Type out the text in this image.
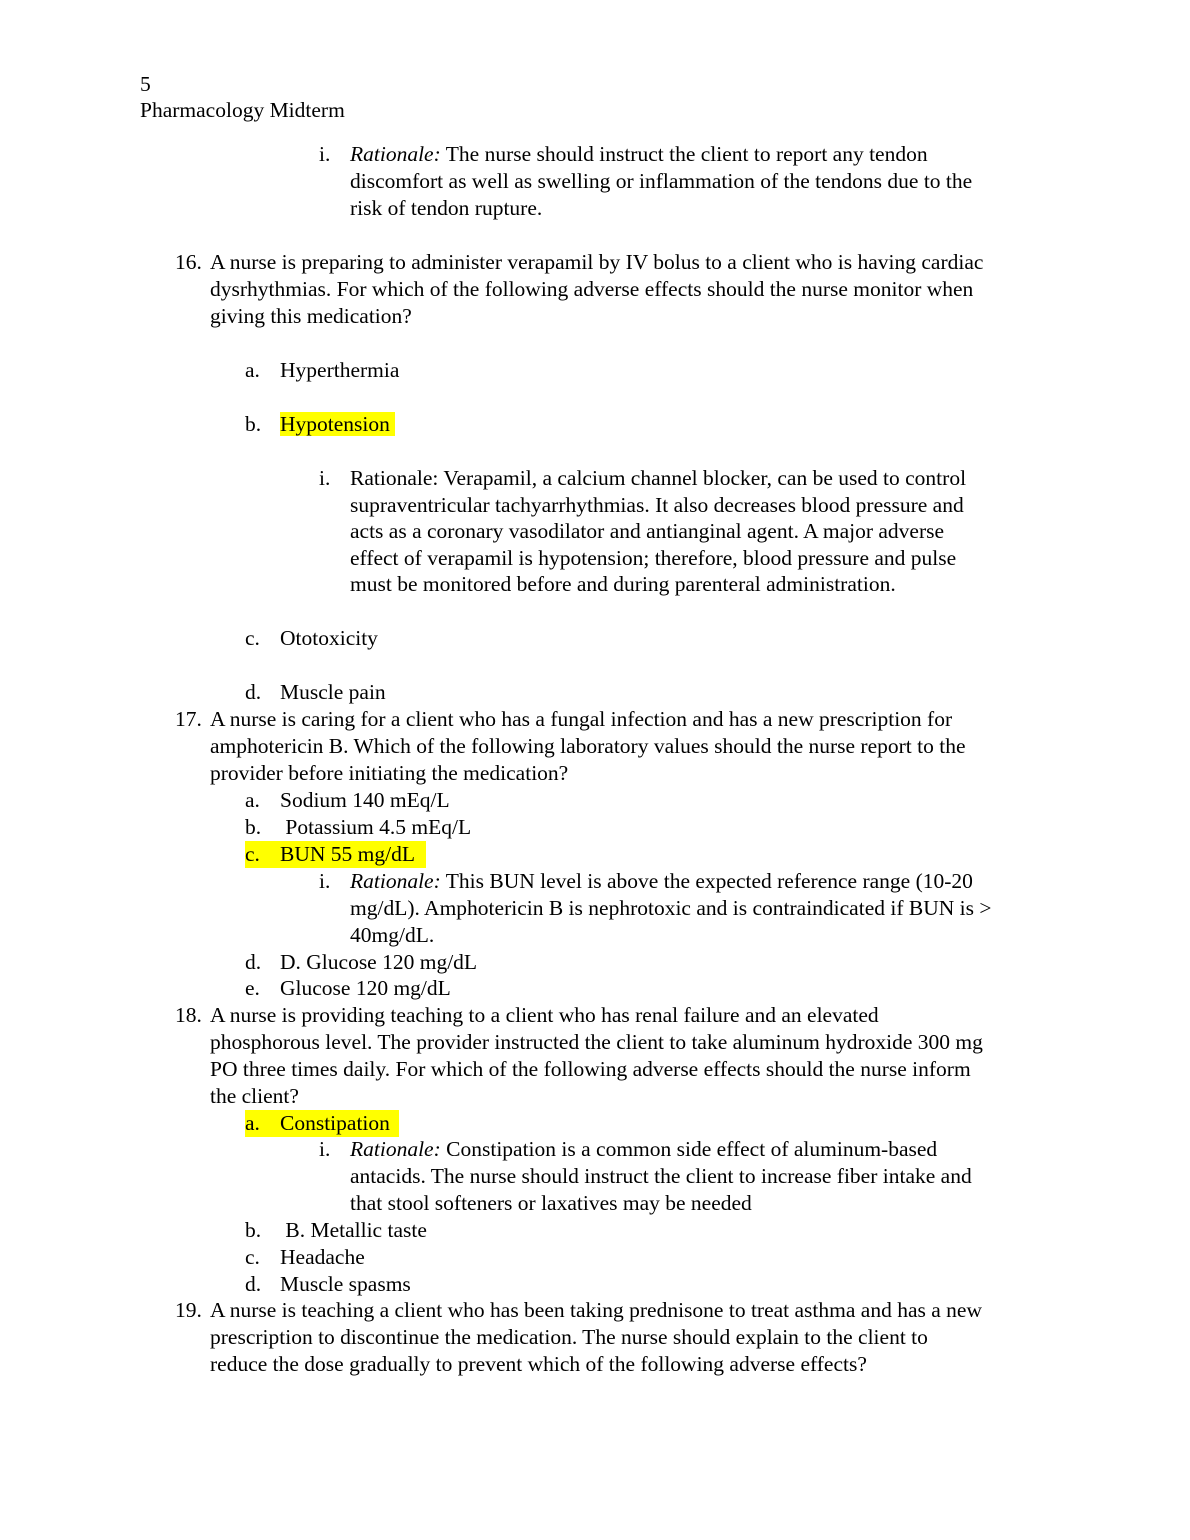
5
Pharmacology Midterm
i. Rationale: The nurse should instruct the client to report any tendon
discomfort as well as swelling or inflammation of the tendons due to the
risk of tendon rupture.
16. A nurse is preparing to administer verapamil by IV bolus to a client who is having cardiac
dysrhythmias. For which of the following adverse effects should the nurse monitor when
giving this medication?
a. Hyperthermia
b. Hypotension
i. Rationale: Verapamil, a calcium channel blocker, can be used to control
supraventricular tachyarrhythmias. It also decreases blood pressure and
acts as a coronary vasodilator and antianginal agent. A major adverse
effect of verapamil is hypotension; therefore, blood pressure and pulse
must be monitored before and during parenteral administration.
c. Ototoxicity
d. Muscle pain
17. A nurse is caring for a client who has a fungal infection and has a new prescription for
amphotericin B. Which of the following laboratory values should the nurse report to the
provider before initiating the medication?
a. Sodium 140 mEq/L
b. Potassium 4.5 mEq/L
c. BUN 55 mg/dL
i. Rationale: This BUN level is above the expected reference range (10-20
mg/dL). Amphotericin B is nephrotoxic and is contraindicated if BUN is >
40mg/dL.
d. D. Glucose 120 mg/dL
e. Glucose 120 mg/dL
18. A nurse is providing teaching to a client who has renal failure and an elevated
phosphorous level. The provider instructed the client to take aluminum hydroxide 300 mg
PO three times daily. For which of the following adverse effects should the nurse inform
the client?
a. Constipation
i. Rationale: Constipation is a common side effect of aluminum-based
antacids. The nurse should instruct the client to increase fiber intake and
that stool softeners or laxatives may be needed
b. B. Metallic taste
c. Headache
d. Muscle spasms
19. A nurse is teaching a client who has been taking prednisone to treat asthma and has a new
prescription to discontinue the medication. The nurse should explain to the client to
reduce the dose gradually to prevent which of the following adverse effects?
